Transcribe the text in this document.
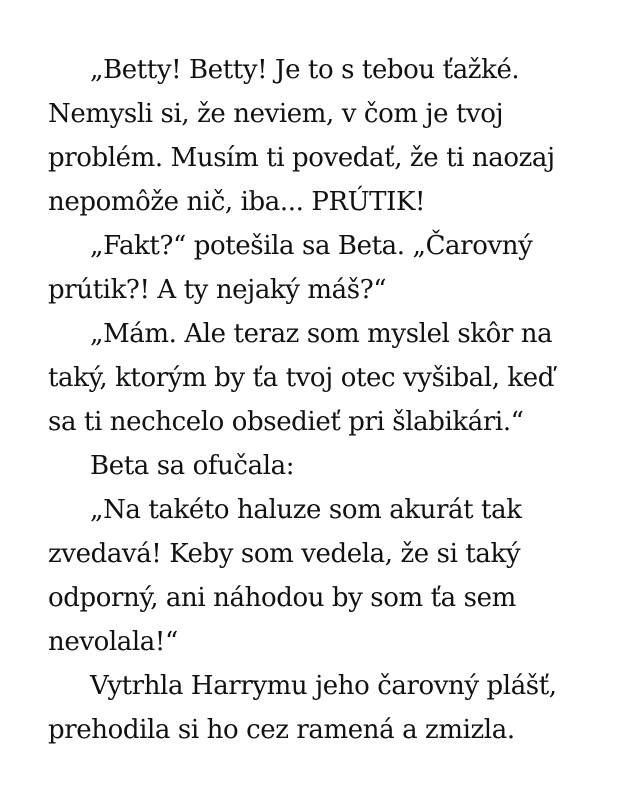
„Betty! Betty! Je to s tebou ťažké.
Nemysli si, že neviem, v čom je tvoj
problém. Musím ti povedať, že ti naozaj
nepomôže nič, iba... PRÚTIK!
„Fakt?“ potešila sa Beta. „Čarovný
prútik?! A ty nejaký máš?“
„Mám. Ale teraz som myslel skôr na
taký, ktorým by ťa tvoj otec vyšibal, keď
sa ti nechcelo obsedieť pri šlabikári.“
Beta sa ofučala:
„Na takéto haluze som akurát tak
zvedavá! Keby som vedela, že si taký
odporný, ani náhodou by som ťa sem
nevolala!“
Vytrhla Harrymu jeho čarovný plášť,
prehodila si ho cez ramená a zmizla.
